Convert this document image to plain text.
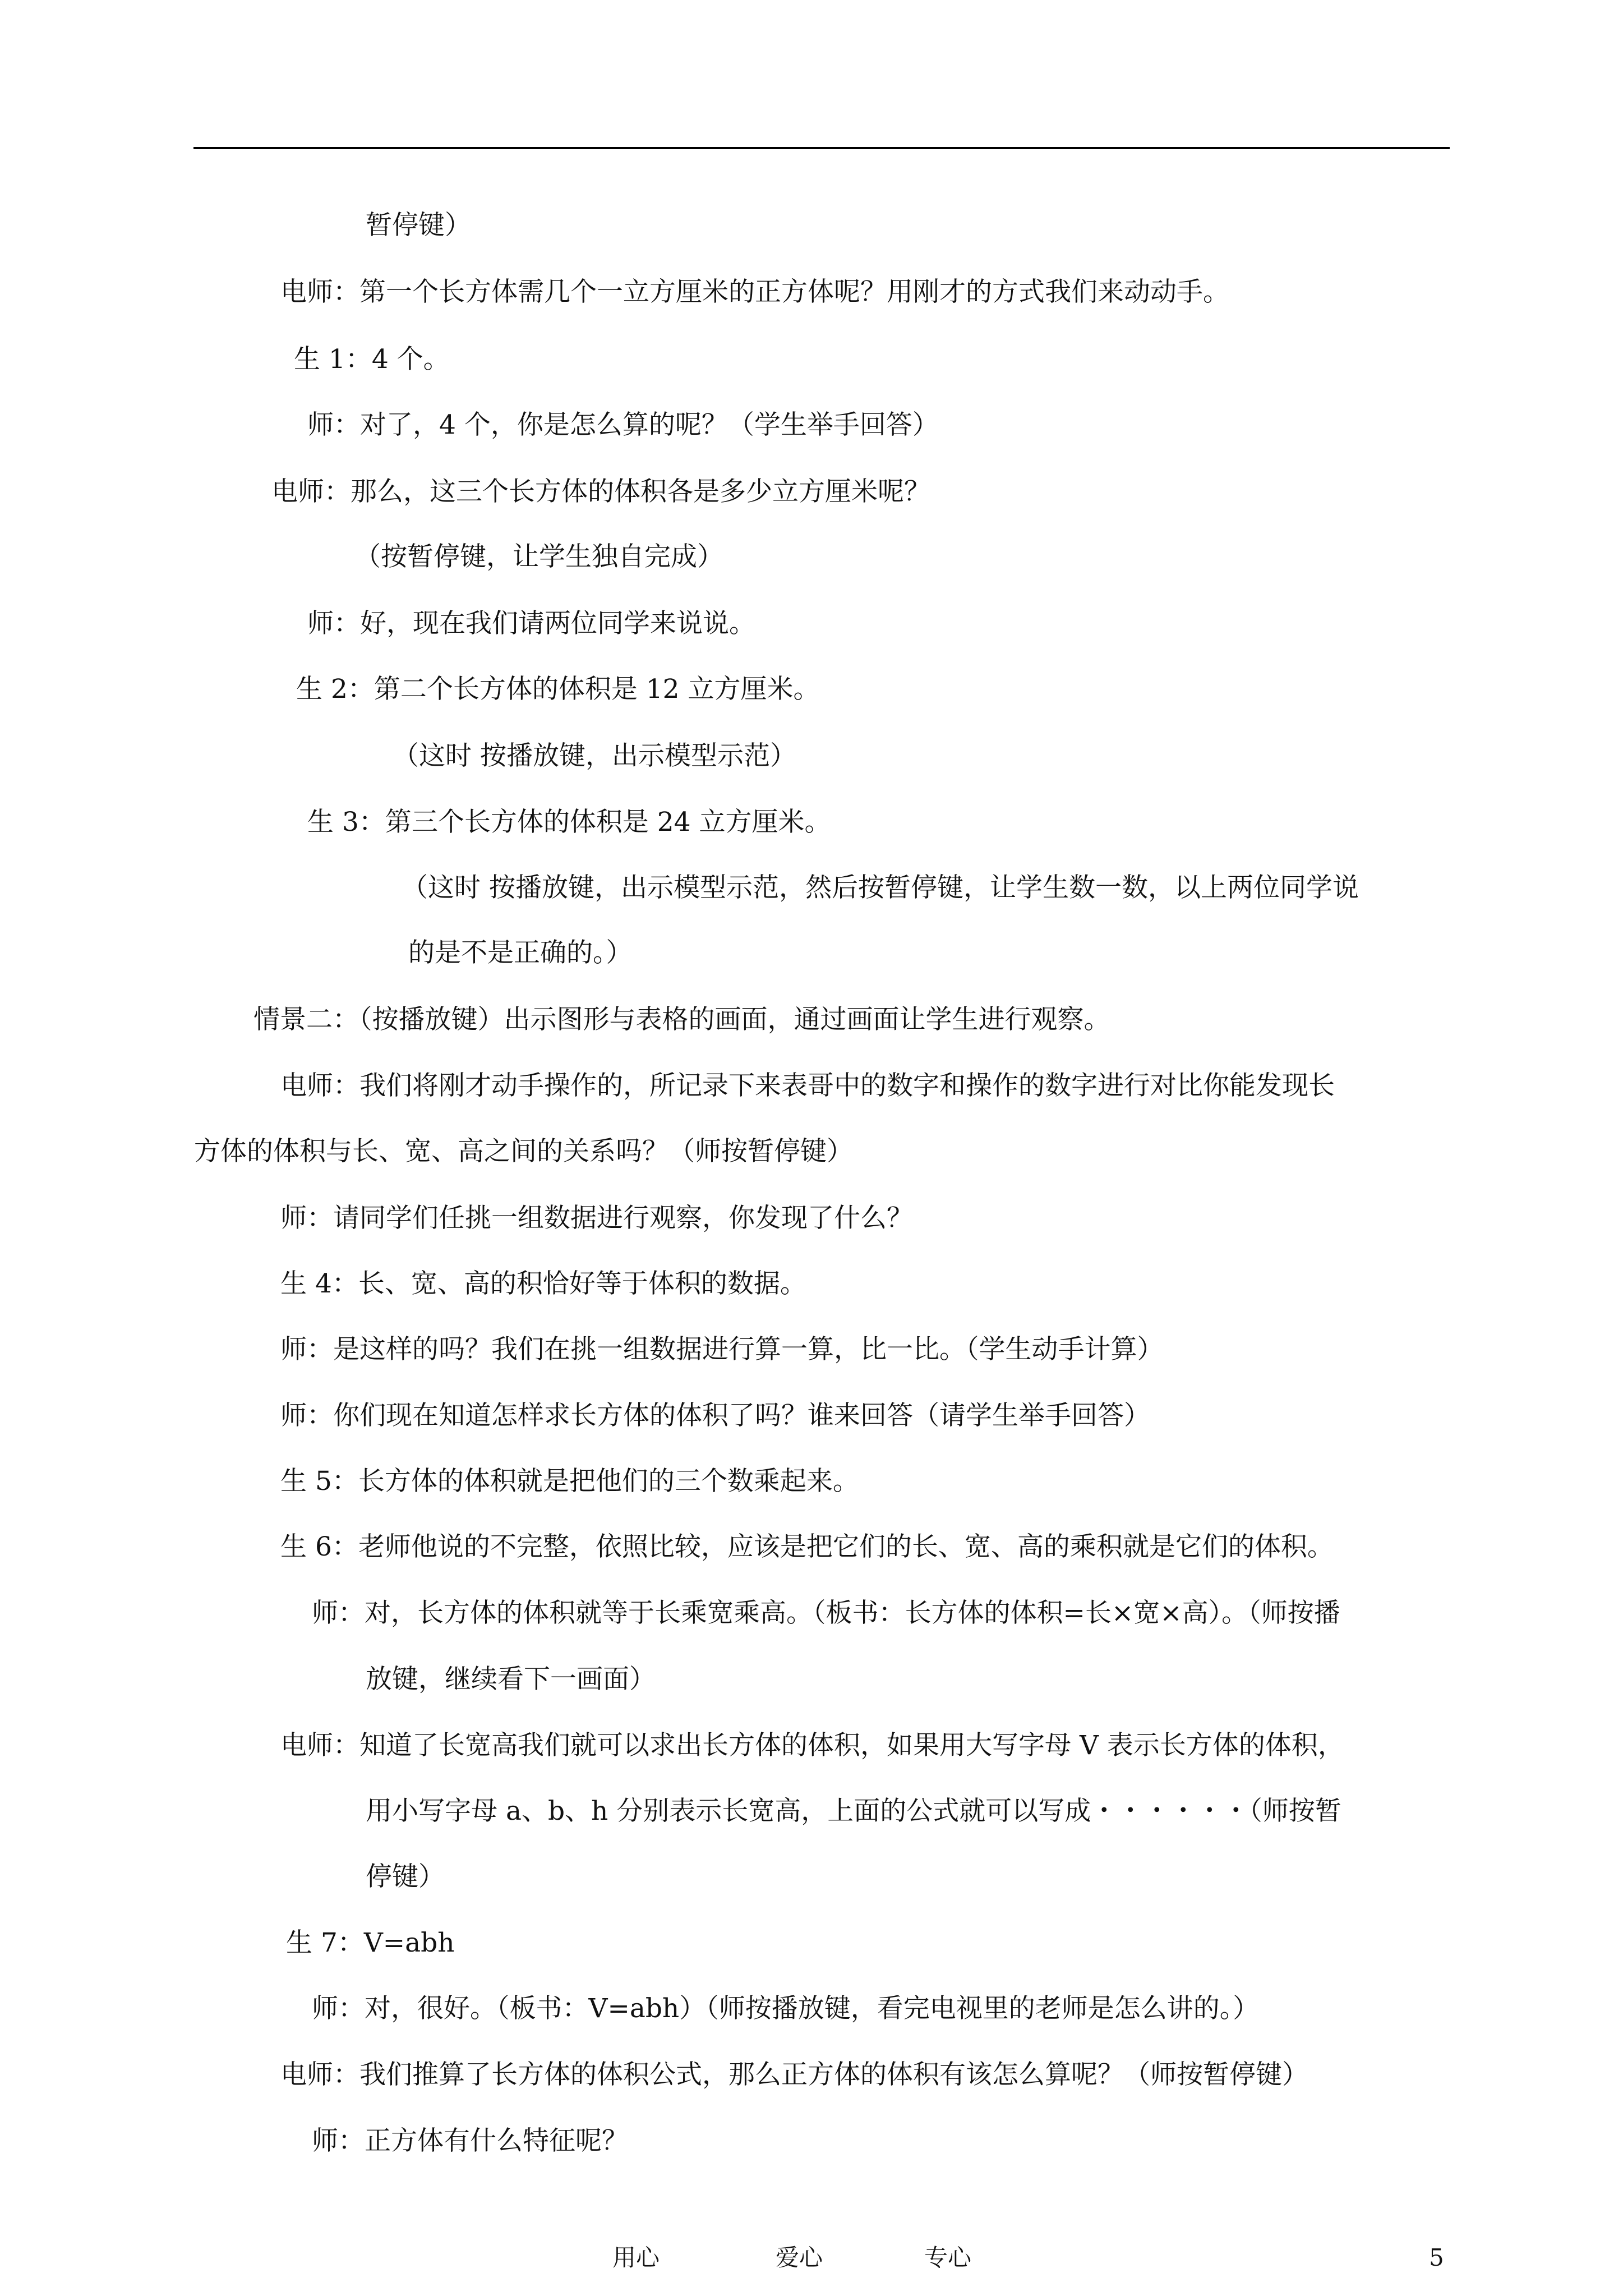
暂停键）
电师：第一个长方体需几个一立方厘米的正方体呢？用刚才的方式我们来动动手。
生 1：4 个。
师：对了，4 个，你是怎么算的呢？（学生举手回答）
电师：那么，这三个长方体的体积各是多少立方厘米呢？
（按暂停键，让学生独自完成）
师：好，现在我们请两位同学来说说。
生 2：第二个长方体的体积是 12 立方厘米。
（这时 按播放键，出示模型示范）
生 3：第三个长方体的体积是 24 立方厘米。
（这时 按播放键，出示模型示范，然后按暂停键，让学生数一数，以上两位同学说
的是不是正确的。）
情景二：（按播放键）出示图形与表格的画面，通过画面让学生进行观察。
电师：我们将刚才动手操作的，所记录下来表哥中的数字和操作的数字进行对比你能发现长
方体的体积与长、宽、高之间的关系吗？（师按暂停键）
师：请同学们任挑一组数据进行观察，你发现了什么？
生 4：长、宽、高的积恰好等于体积的数据。
师：是这样的吗？我们在挑一组数据进行算一算，比一比。（学生动手计算）
师：你们现在知道怎样求长方体的体积了吗？谁来回答（请学生举手回答）
生 5：长方体的体积就是把他们的三个数乘起来。
生 6：老师他说的不完整，依照比较，应该是把它们的长、宽、高的乘积就是它们的体积。
师：对，长方体的体积就等于长乘宽乘高。（板书：长方体的体积=长×宽×高）。（师按播
放键，继续看下一画面）
电师：知道了长宽高我们就可以求出长方体的体积，如果用大写字母 V 表示长方体的体积，
用小写字母 a、b、h 分别表示长宽高，上面的公式就可以写成・・・・・・（师按暂
停键）
生 7：V=abh
师：对，很好。（板书：V=abh）（师按播放键，看完电视里的老师是怎么讲的。）
电师：我们推算了长方体的体积公式，那么正方体的体积有该怎么算呢？（师按暂停键）
师：正方体有什么特征呢？
用心	爱心	专心	5
